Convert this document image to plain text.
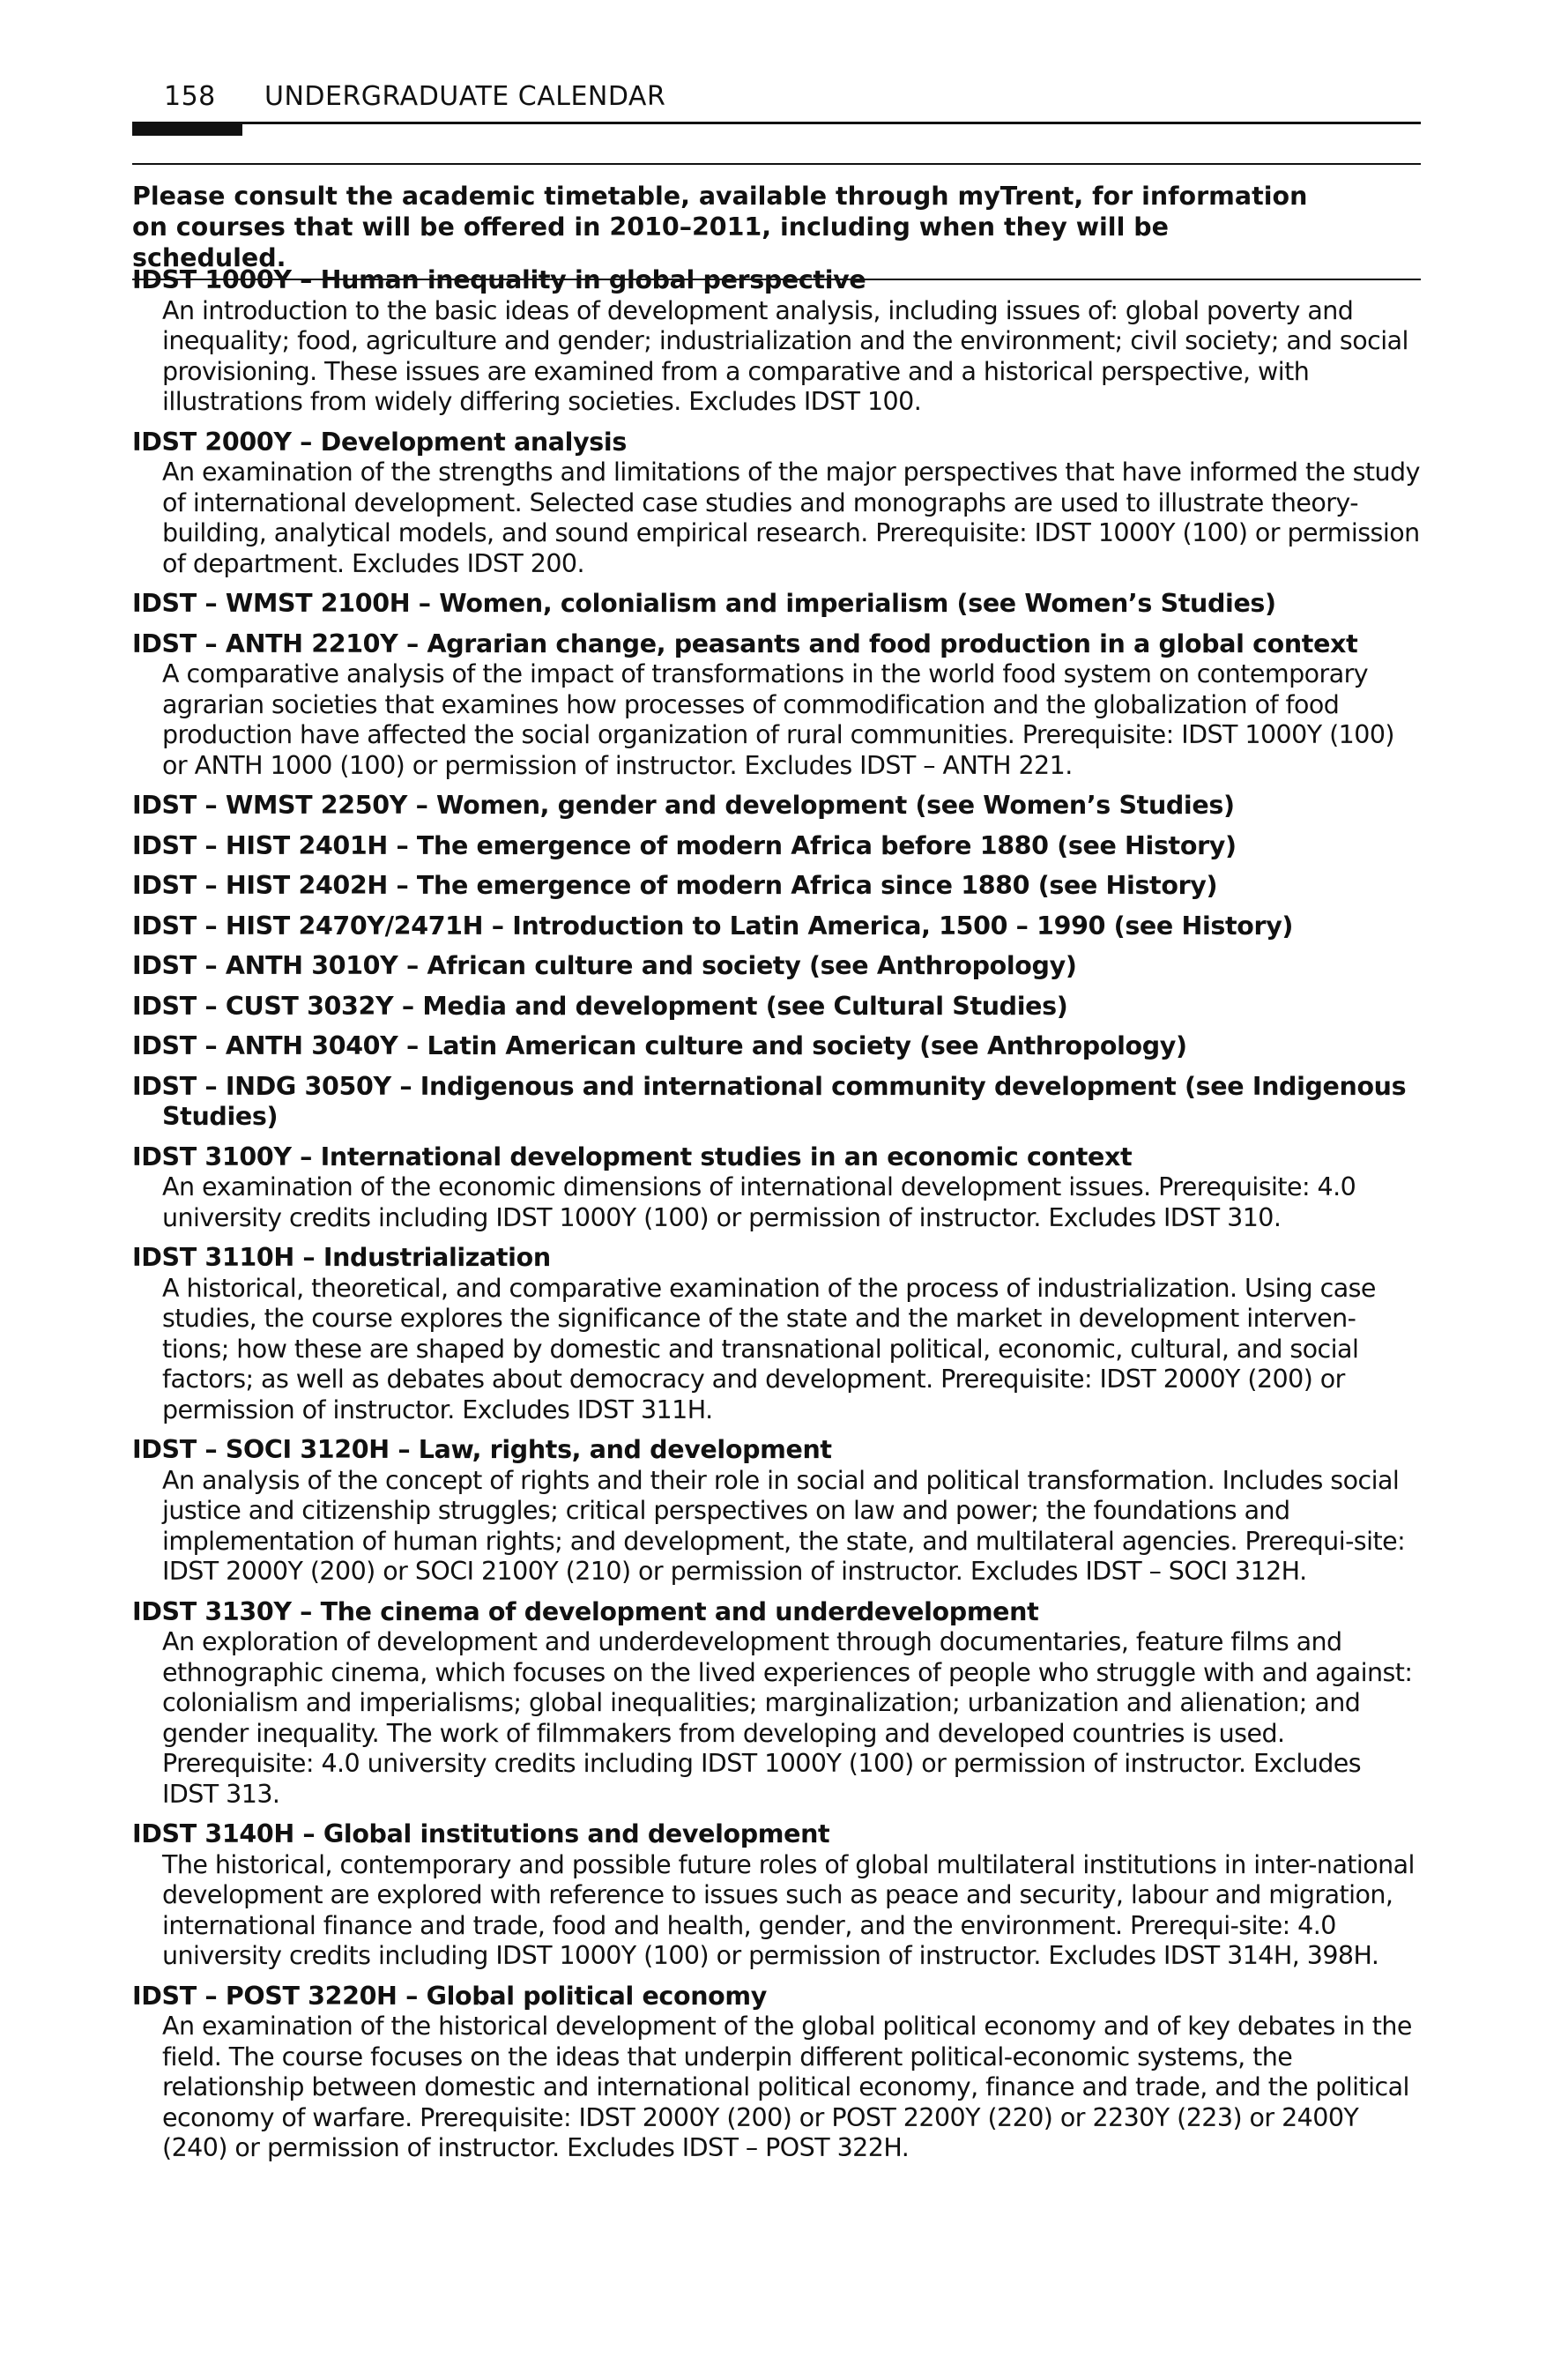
158 UNDERGRADUATE CALENDAR

Please consult the academic timetable, available through myTrent, for information on courses that will be offered in 2010–2011, including when they will be scheduled.

IDST 1000Y – Human inequality in global perspective
An introduction to the basic ideas of development analysis, including issues of: global poverty and inequality; food, agriculture and gender; industrialization and the environment; civil society; and social provisioning. These issues are examined from a comparative and a historical perspective, with illustrations from widely differing societies. Excludes IDST 100.
IDST 2000Y – Development analysis
An examination of the strengths and limitations of the major perspectives that have informed the study of international development. Selected case studies and monographs are used to illustrate theory-building, analytical models, and sound empirical research. Prerequisite: IDST 1000Y (100) or permission of department. Excludes IDST 200.
IDST – WMST 2100H – Women, colonialism and imperialism (see Women’s Studies)
IDST – ANTH 2210Y – Agrarian change, peasants and food production in a global context
A comparative analysis of the impact of transformations in the world food system on contemporary agrarian societies that examines how processes of commodification and the globalization of food production have affected the social organization of rural communities. Prerequisite: IDST 1000Y (100) or ANTH 1000 (100) or permission of instructor. Excludes IDST – ANTH 221.
IDST – WMST 2250Y – Women, gender and development (see Women’s Studies)
IDST – HIST 2401H – The emergence of modern Africa before 1880 (see History)
IDST – HIST 2402H – The emergence of modern Africa since 1880 (see History)
IDST – HIST 2470Y/2471H – Introduction to Latin America, 1500 – 1990 (see History)
IDST – ANTH 3010Y – African culture and society (see Anthropology)
IDST – CUST 3032Y – Media and development (see Cultural Studies)
IDST – ANTH 3040Y – Latin American culture and society (see Anthropology)
IDST – INDG 3050Y – Indigenous and international community development (see Indigenous Studies)
IDST 3100Y – International development studies in an economic context
An examination of the economic dimensions of international development issues. Prerequisite: 4.0 university credits including IDST 1000Y (100) or permission of instructor. Excludes IDST 310.
IDST 3110H – Industrialization
A historical, theoretical, and comparative examination of the process of industrialization. Using case studies, the course explores the significance of the state and the market in development interven-tions; how these are shaped by domestic and transnational political, economic, cultural, and social factors; as well as debates about democracy and development. Prerequisite: IDST 2000Y (200) or permission of instructor. Excludes IDST 311H.
IDST – SOCI 3120H – Law, rights, and development
An analysis of the concept of rights and their role in social and political transformation. Includes social justice and citizenship struggles; critical perspectives on law and power; the foundations and implementation of human rights; and development, the state, and multilateral agencies. Prerequi-site: IDST 2000Y (200) or SOCI 2100Y (210) or permission of instructor. Excludes IDST – SOCI 312H.
IDST 3130Y – The cinema of development and underdevelopment
An exploration of development and underdevelopment through documentaries, feature films and ethnographic cinema, which focuses on the lived experiences of people who struggle with and against: colonialism and imperialisms; global inequalities; marginalization; urbanization and alienation; and gender inequality. The work of filmmakers from developing and developed countries is used. Prerequisite: 4.0 university credits including IDST 1000Y (100) or permission of instructor. Excludes IDST 313.
IDST 3140H – Global institutions and development
The historical, contemporary and possible future roles of global multilateral institutions in inter-national development are explored with reference to issues such as peace and security, labour and migration, international finance and trade, food and health, gender, and the environment. Prerequi-site: 4.0 university credits including IDST 1000Y (100) or permission of instructor. Excludes IDST 314H, 398H.
IDST – POST 3220H – Global political economy
An examination of the historical development of the global political economy and of key debates in the field. The course focuses on the ideas that underpin different political-economic systems, the relationship between domestic and international political economy, finance and trade, and the political economy of warfare. Prerequisite: IDST 2000Y (200) or POST 2200Y (220) or 2230Y (223) or 2400Y (240) or permission of instructor. Excludes IDST – POST 322H.
